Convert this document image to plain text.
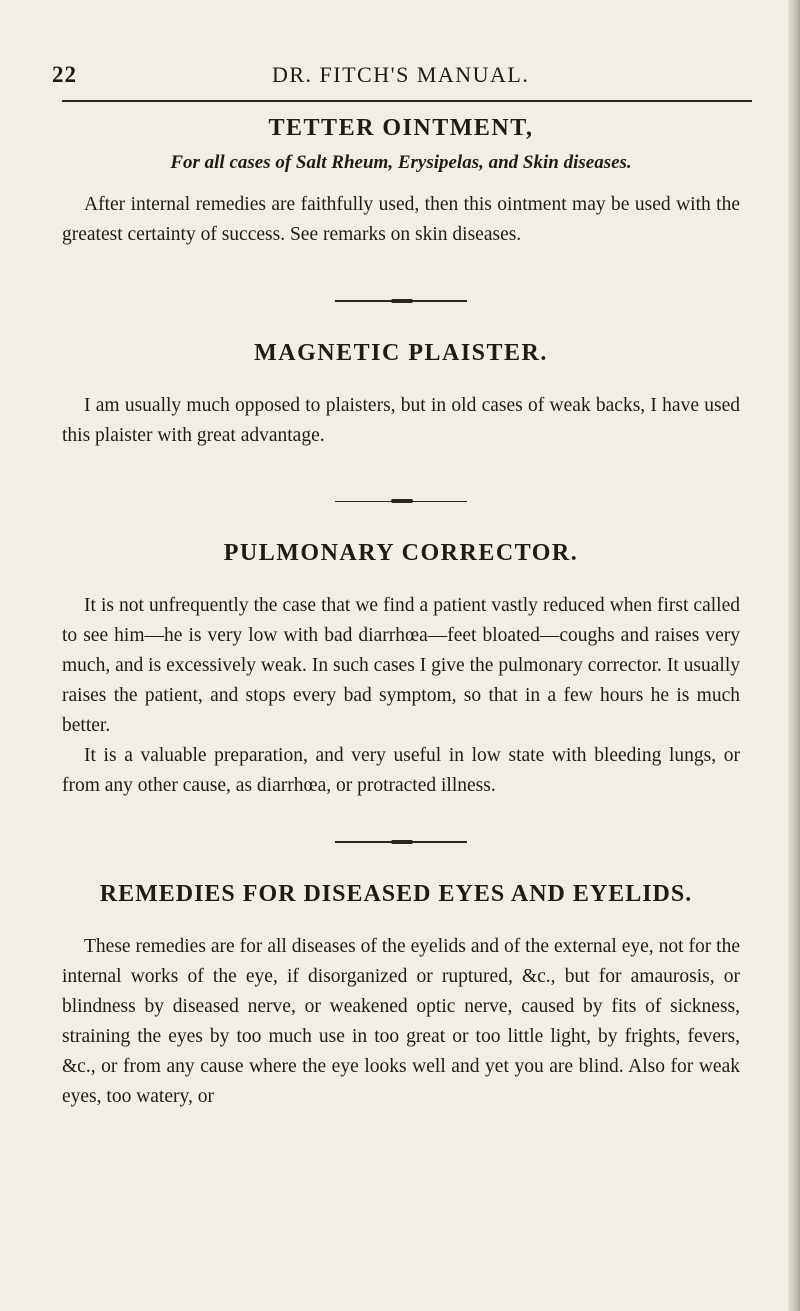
22	DR. FITCH'S MANUAL.
TETTER OINTMENT,

For all cases of Salt Rheum, Erysipelas, and Skin diseases.

After internal remedies are faithfully used, then this ointment may be used with the greatest certainty of success. See remarks on skin diseases.

MAGNETIC PLAISTER.

I am usually much opposed to plaisters, but in old cases of weak backs, I have used this plaister with great advantage.

PULMONARY CORRECTOR.

It is not unfrequently the case that we find a patient vastly reduced when first called to see him—he is very low with bad diarrhœa—feet bloated—coughs and raises very much, and is excessively weak. In such cases I give the pulmonary corrector. It usually raises the patient, and stops every bad symptom, so that in a few hours he is much better.

It is a valuable preparation, and very useful in low state with bleeding lungs, or from any other cause, as diarrhœa, or protracted illness.

REMEDIES FOR DISEASED EYES AND EYELIDS.

These remedies are for all diseases of the eyelids and of the external eye, not for the internal works of the eye, if disorganized or ruptured, &c., but for amaurosis, or blindness by diseased nerve, or weakened optic nerve, caused by fits of sickness, straining the eyes by too much use in too great or too little light, by frights, fevers, &c., or from any cause where the eye looks well and yet you are blind. Also for weak eyes, too watery, or
